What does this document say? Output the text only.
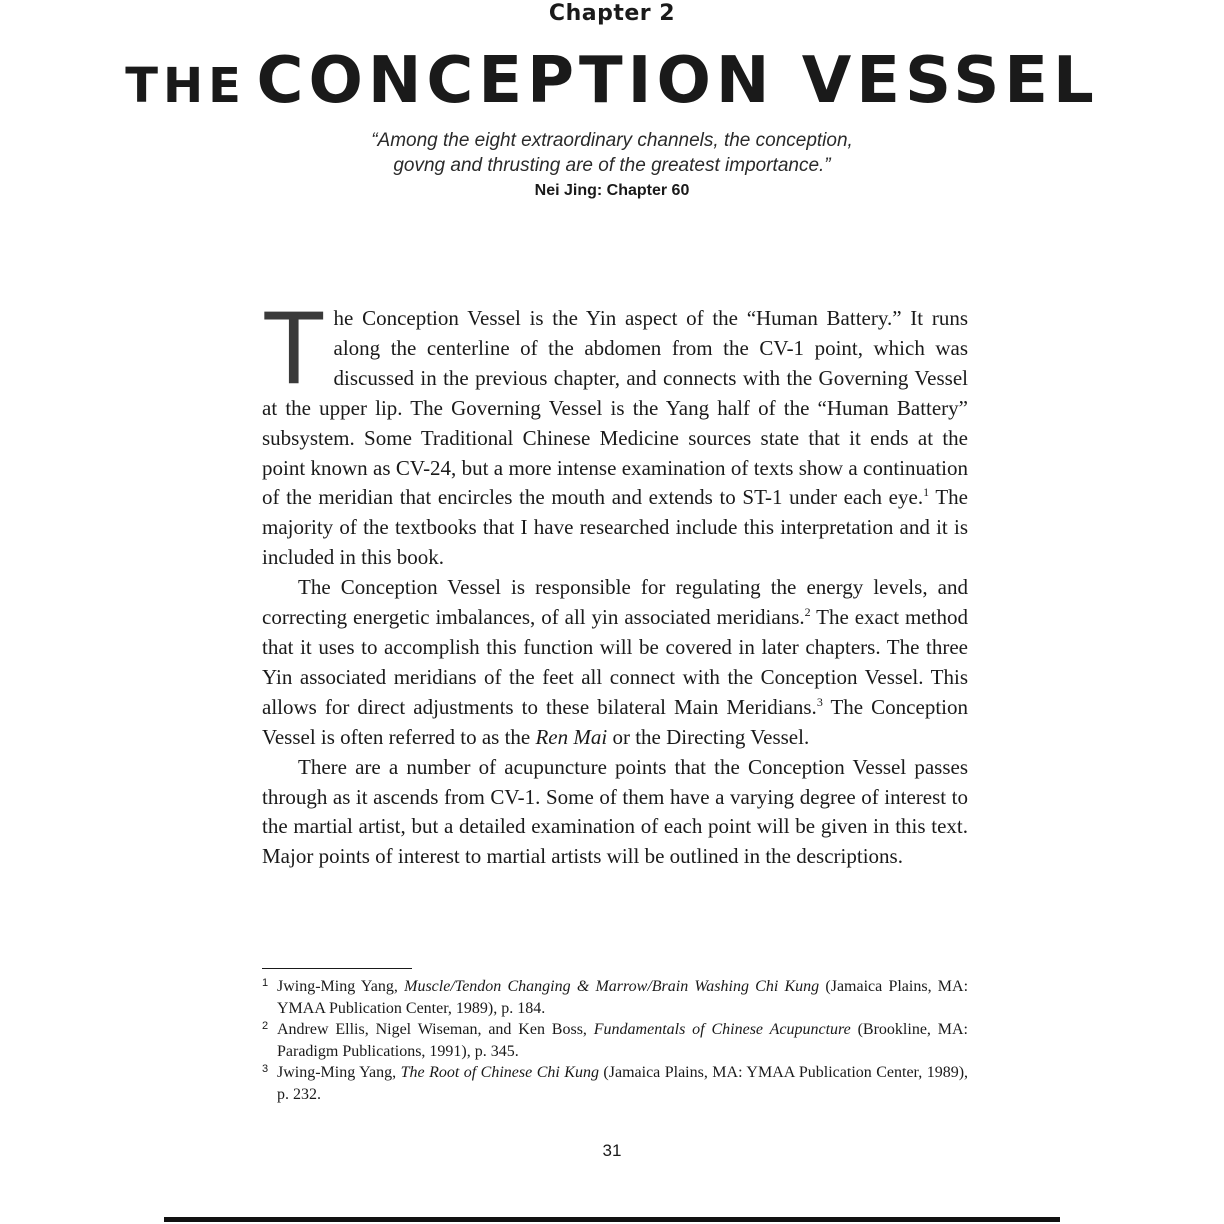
Chapter 2
THE CONCEPTION VESSEL
“Among the eight extraordinary channels, the conception,
govng and thrusting are of the greatest importance.”
Nei Jing: Chapter 60

The Conception Vessel is the Yin aspect of the “Human Battery.” It runs along the centerline of the abdomen from the CV-1 point, which was discussed in the previous chapter, and connects with the Governing Vessel at the upper lip. The Governing Vessel is the Yang half of the “Human Battery” subsystem. Some Traditional Chinese Medicine sources state that it ends at the point known as CV-24, but a more intense examination of texts show a continuation of the meridian that encircles the mouth and extends to ST-1 under each eye.$^1$ The majority of the textbooks that I have researched include this interpretation and it is included in this book.

The Conception Vessel is responsible for regulating the energy levels, and correcting energetic imbalances, of all yin associated meridians.$^2$ The exact method that it uses to accomplish this function will be covered in later chapters. The three Yin associated meridians of the feet all connect with the Conception Vessel. This allows for direct adjustments to these bilateral Main Meridians.$^3$ The Conception Vessel is often referred to as the Ren Mai or the Directing Vessel.

There are a number of acupuncture points that the Conception Vessel passes through as it ascends from CV-1. Some of them have a varying degree of interest to the martial artist, but a detailed examination of each point will be given in this text. Major points of interest to martial artists will be outlined in the descriptions.

1 Jwing-Ming Yang, Muscle/Tendon Changing & Marrow/Brain Washing Chi Kung (Jamaica Plains, MA: YMAA Publication Center, 1989), p. 184.
2 Andrew Ellis, Nigel Wiseman, and Ken Boss, Fundamentals of Chinese Acupuncture (Brookline, MA: Paradigm Publications, 1991), p. 345.
3 Jwing-Ming Yang, The Root of Chinese Chi Kung (Jamaica Plains, MA: YMAA Publication Center, 1989), p. 232.
31
